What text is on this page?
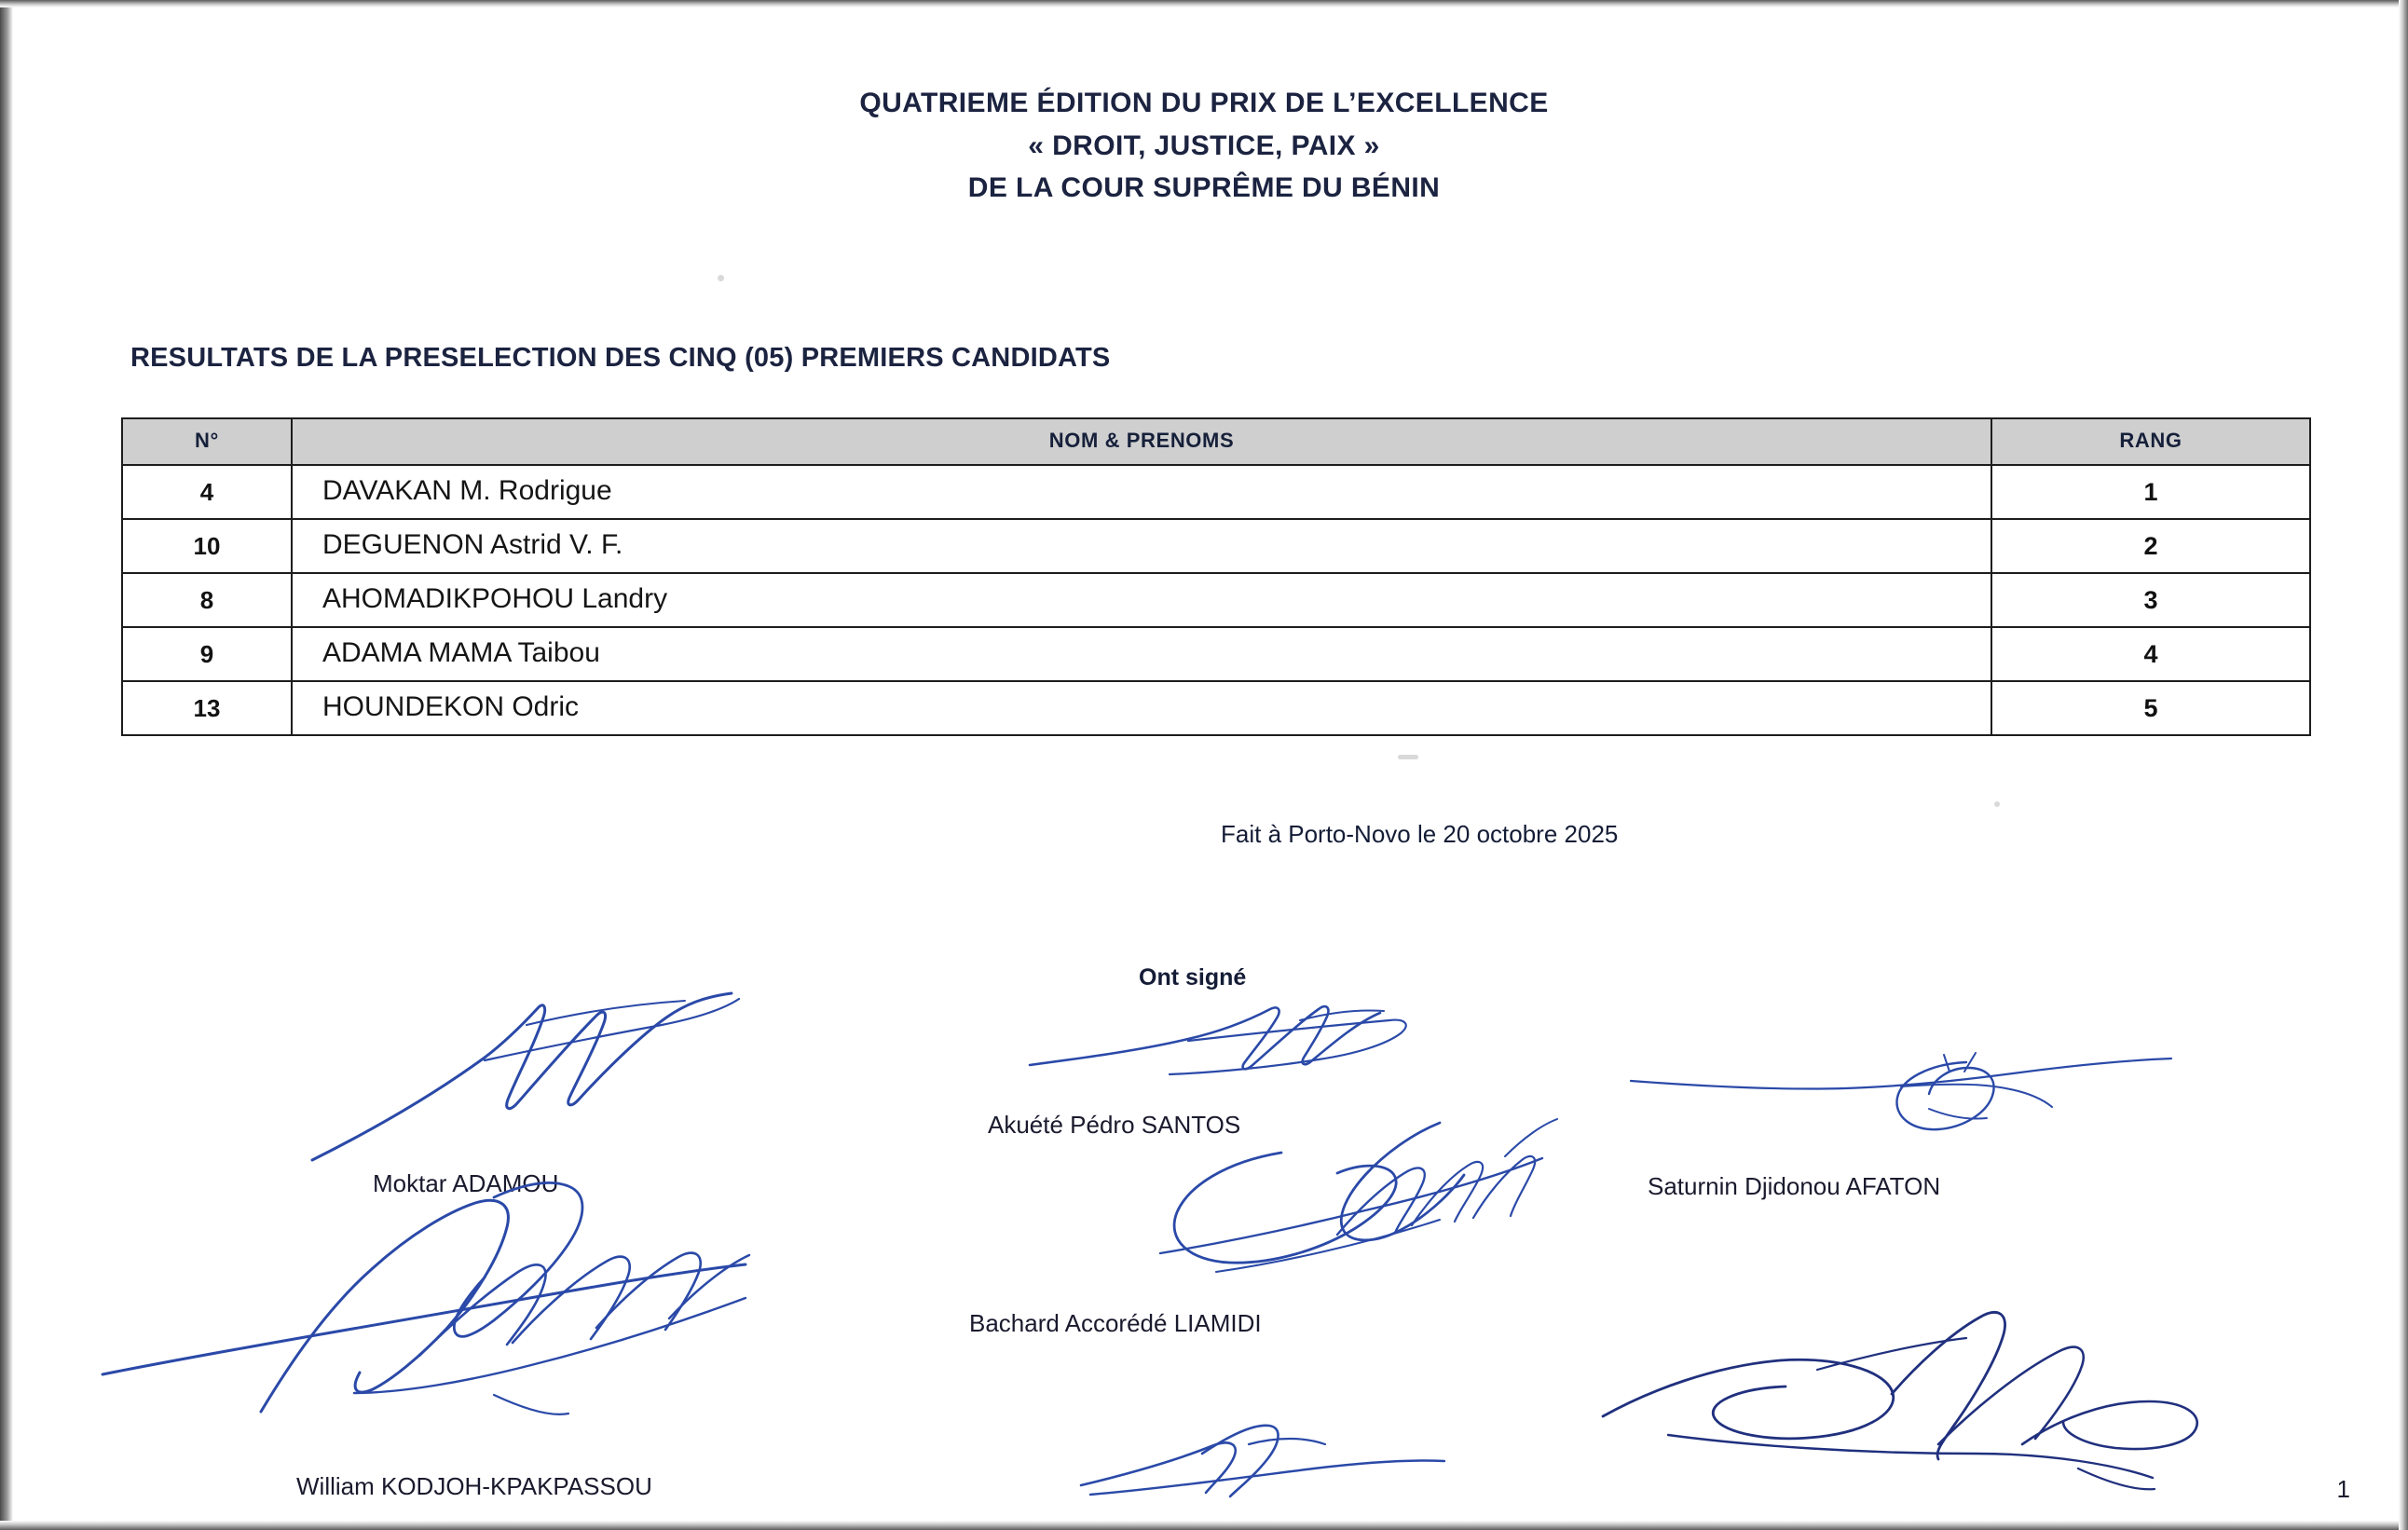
QUATRIEME ÉDITION DU PRIX DE L’EXCELLENCE
« DROIT, JUSTICE, PAIX »
DE LA COUR SUPRÊME DU BÉNIN
RESULTATS DE LA PRESELECTION DES CINQ (05) PREMIERS CANDIDATS
N°	NOM & PRENOMS	RANG
4	DAVAKAN M. Rodrigue	1
10	DEGUENON Astrid V. F.	2
8	AHOMADIKPOHOU Landry	3
9	ADAMA MAMA Taibou	4
13	HOUNDEKON Odric	5
Fait à Porto-Novo le 20 octobre 2025
Ont signé
Moktar ADAMOU
Akuété Pédro SANTOS
Saturnin Djidonou AFATON
Bachard Accorédé LIAMIDI
William KODJOH-KPAKPASSOU	1
